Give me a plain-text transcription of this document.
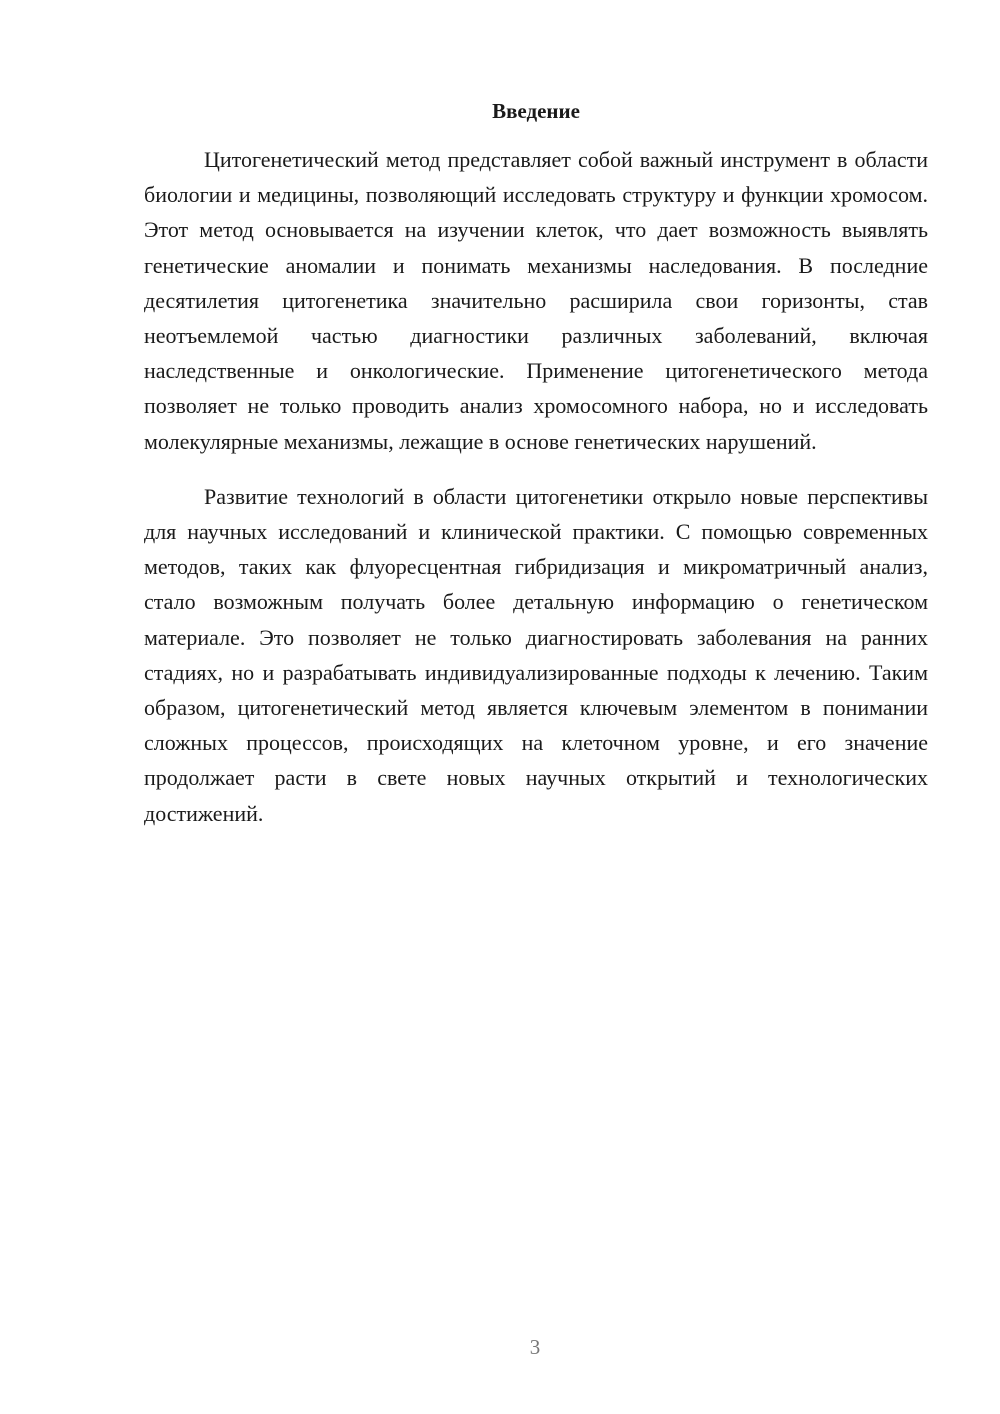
Введение

Цитогенетический метод представляет собой важный инструмент в области биологии и медицины, позволяющий исследовать структуру и функции хромосом. Этот метод основывается на изучении клеток, что дает возможность выявлять генетические аномалии и понимать механизмы наследования. В последние десятилетия цитогенетика значительно расширила свои горизонты, став неотъемлемой частью диагностики различных заболеваний, включая наследственные и онкологические. Применение цитогенетического метода позволяет не только проводить анализ хромосомного набора, но и исследовать молекулярные механизмы, лежащие в основе генетических нарушений.

Развитие технологий в области цитогенетики открыло новые перспективы для научных исследований и клинической практики. С помощью современных методов, таких как флуоресцентная гибридизация и микроматричный анализ, стало возможным получать более детальную информацию о генетическом материале. Это позволяет не только диагностировать заболевания на ранних стадиях, но и разрабатывать индивидуализированные подходы к лечению. Таким образом, цитогенетический метод является ключевым элементом в понимании сложных процессов, происходящих на клеточном уровне, и его значение продолжает расти в свете новых научных открытий и технологических достижений.

3
